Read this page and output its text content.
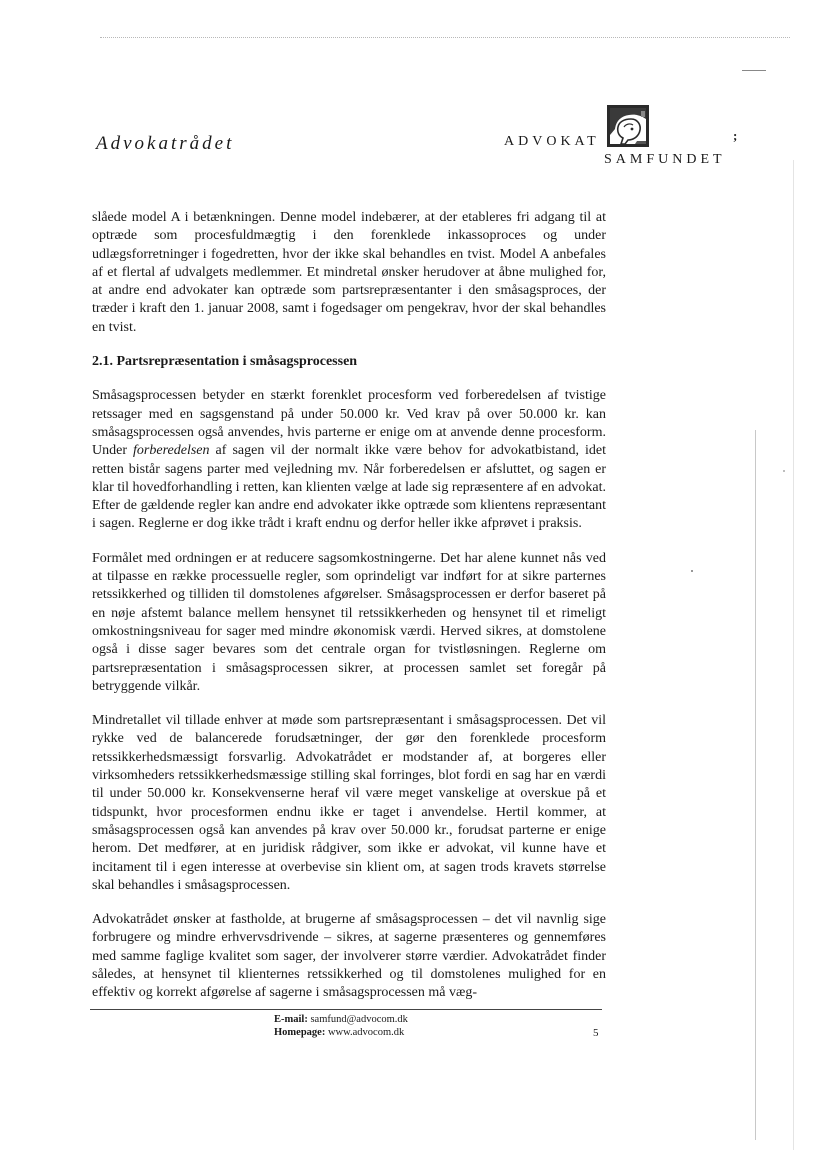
Advokatrådet	ADVOKAT
SAMFUNDET
;

slåede model A i betænkningen. Denne model indebærer, at der etableres fri adgang til at optræde som procesfuldmægtig i den forenklede inkassoproces og under udlægsforretninger i fogedretten, hvor der ikke skal behandles en tvist. Model A anbefales af et flertal af udvalgets medlemmer. Et mindretal ønsker herudover at åbne mulighed for, at andre end advokater kan optræde som partsrepræsentanter i den småsagsproces, der træder i kraft den 1. januar 2008, samt i fogedsager om pengekrav, hvor der skal behandles en tvist.

2.1. Partsrepræsentation i småsagsprocessen

Småsagsprocessen betyder en stærkt forenklet procesform ved forberedelsen af tvistige retssager med en sagsgenstand på under 50.000 kr. Ved krav på over 50.000 kr. kan småsagsprocessen også anvendes, hvis parterne er enige om at anvende denne procesform. Under forberedelsen af sagen vil der normalt ikke være behov for advokatbistand, idet retten bistår sagens parter med vejledning mv. Når forberedelsen er afsluttet, og sagen er klar til hovedforhandling i retten, kan klienten vælge at lade sig repræsentere af en advokat. Efter de gældende regler kan andre end advokater ikke optræde som klientens repræsentant i sagen. Reglerne er dog ikke trådt i kraft endnu og derfor heller ikke afprøvet i praksis.

Formålet med ordningen er at reducere sagsomkostningerne. Det har alene kunnet nås ved at tilpasse en række processuelle regler, som oprindeligt var indført for at sikre parternes retssikkerhed og tilliden til domstolenes afgørelser. Småsagsprocessen er derfor baseret på en nøje afstemt balance mellem hensynet til retssikkerheden og hensynet til et rimeligt omkostningsniveau for sager med mindre økonomisk værdi. Herved sikres, at domstolene også i disse sager bevares som det centrale organ for tvistløsningen. Reglerne om partsrepræsentation i småsagsprocessen sikrer, at processen samlet set foregår på betryggende vilkår.

Mindretallet vil tillade enhver at møde som partsrepræsentant i småsagsprocessen. Det vil rykke ved de balancerede forudsætninger, der gør den forenklede procesform retssikkerhedsmæssigt forsvarlig. Advokatrådet er modstander af, at borgeres eller virksomheders retssikkerhedsmæssige stilling skal forringes, blot fordi en sag har en værdi til under 50.000 kr. Konsekvenserne heraf vil være meget vanskelige at overskue på et tidspunkt, hvor procesformen endnu ikke er taget i anvendelse. Hertil kommer, at småsagsprocessen også kan anvendes på krav over 50.000 kr., forudsat parterne er enige herom. Det medfører, at en juridisk rådgiver, som ikke er advokat, vil kunne have et incitament til i egen interesse at overbevise sin klient om, at sagen trods kravets størrelse skal behandles i småsagsprocessen.

Advokatrådet ønsker at fastholde, at brugerne af småsagsprocessen – det vil navnlig sige forbrugere og mindre erhvervsdrivende – sikres, at sagerne præsenteres og gennemføres med samme faglige kvalitet som sager, der involverer større værdier. Advokatrådet finder således, at hensynet til klienternes retssikkerhed og til domstolenes mulighed for en effektiv og korrekt afgørelse af sagerne i småsagsprocessen må væg-

E-mail: samfund@advocom.dk
Homepage: www.advocom.dk	5
